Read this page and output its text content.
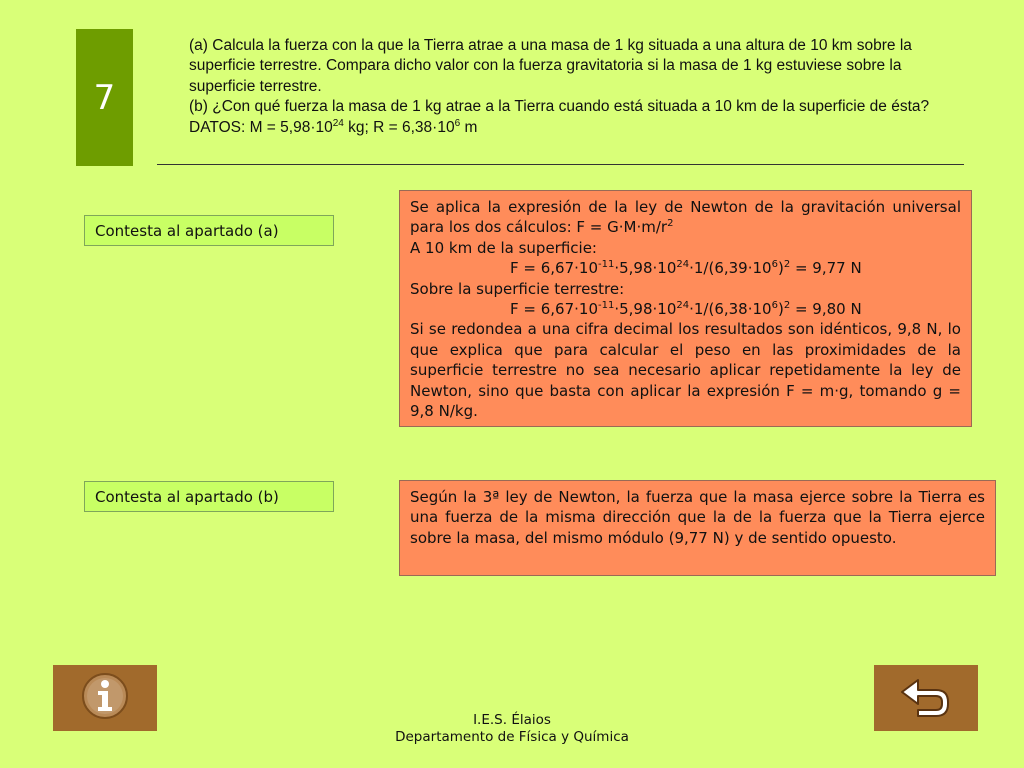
7

(a) Calcula la fuerza con la que la Tierra atrae a una masa de 1 kg situada a una altura de 10 km sobre la superficie terrestre. Compara dicho valor con la fuerza gravitatoria si la masa de 1 kg estuviese sobre la superficie terrestre.

(b) ¿Con qué fuerza la masa de 1 kg atrae a la Tierra cuando está situada a 10 km de la superficie de ésta?

DATOS: $M = 5,98\cdot 10^{24}$ kg; $R = 6,38\cdot 10^6$ m

Contesta al apartado (a)

Se aplica la expresión de la ley de Newton de la gravitación universal para los dos cálculos: $F = G\cdot M\cdot m/r^2$

A 10 km de la superficie:

$F = 6,67\cdot 10^{-11}\cdot 5,98\cdot 10^{24}\cdot 1/(6,39\cdot 10^6)^2 = 9,77$ N

Sobre la superficie terrestre:

$F = 6,67\cdot 10^{-11}\cdot 5,98\cdot 10^{24}\cdot 1/(6,38\cdot 10^6)^2 = 9,80$ N

Si se redondea a una cifra decimal los resultados son idénticos, 9,8 N, lo que explica que para calcular el peso en las proximidades de la superficie terrestre no sea necesario aplicar repetidamente la ley de Newton, sino que basta con aplicar la expresión F = m·g, tomando g = 9,8 N/kg.

Contesta al apartado (b)	Según la 3ª ley de Newton, la fuerza que la masa ejerce sobre la Tierra es una fuerza de la misma dirección que la de la fuerza que la Tierra ejerce sobre la masa, del mismo módulo (9,77 N) y de sentido opuesto.

I.E.S. Élaios
Departamento de Física y Química
